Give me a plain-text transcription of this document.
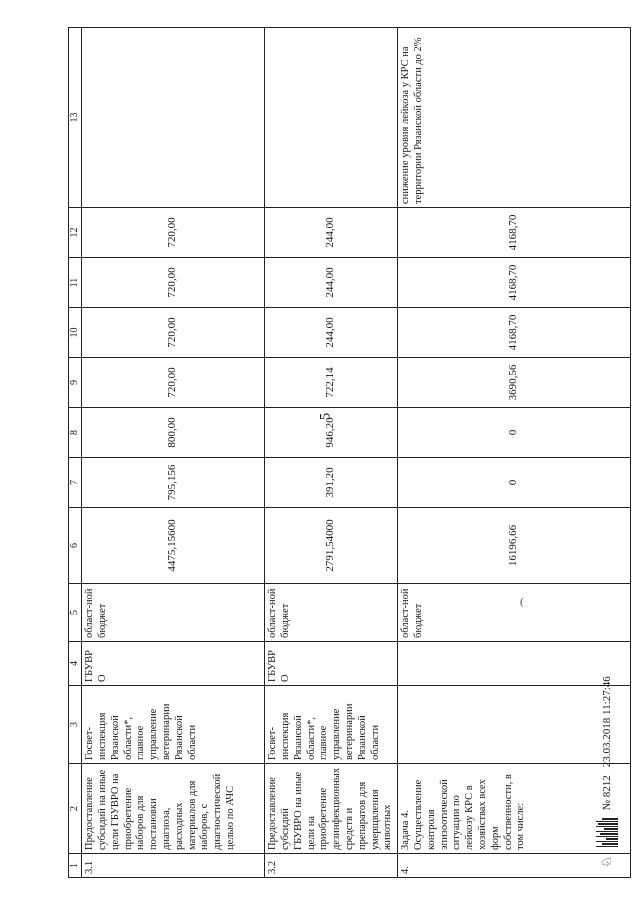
5
(
1	2	3	4	5	6	7	8	9	10	11	12	13
3.1	Предоставление субсидий на иные цели ГБУВРО на приобретение наборов для постановки диагноза, расходных материалов для наборов, с диагностической целью по АЧС	Госвет-инспекция Рязанской области*, главное управление ветеринарии Рязанской области	ГБУВРО	област-ной бюджет	4475,15600	795,156	800,00	720,00	720,00	720,00	720,00	
3.2	Предоставление субсидий ГБУВРО на иные цели на приобретение дезинфекционных средств и препаратов для умерщвления животных	Госвет-инспекция Рязанской области*, главное управление ветеринарии Рязанской области	ГБУВРО	област-ной бюджет	2791,54000	391,20	946,20	722,14	244,00	244,00	244,00	
4.	Задача 4. Осуществление контроля эпизоотической ситуации по лейкозу КРС в хозяйствах всех форм собственности, в том числе:			област-ной бюджет	16196,66	0	0	3690,56	4168,70	4168,70	4168,70	снижение уровня лейкоза у КРС на территории Рязанской области до 2%
♘
№ 8212
23.03.2018 11:27:46
